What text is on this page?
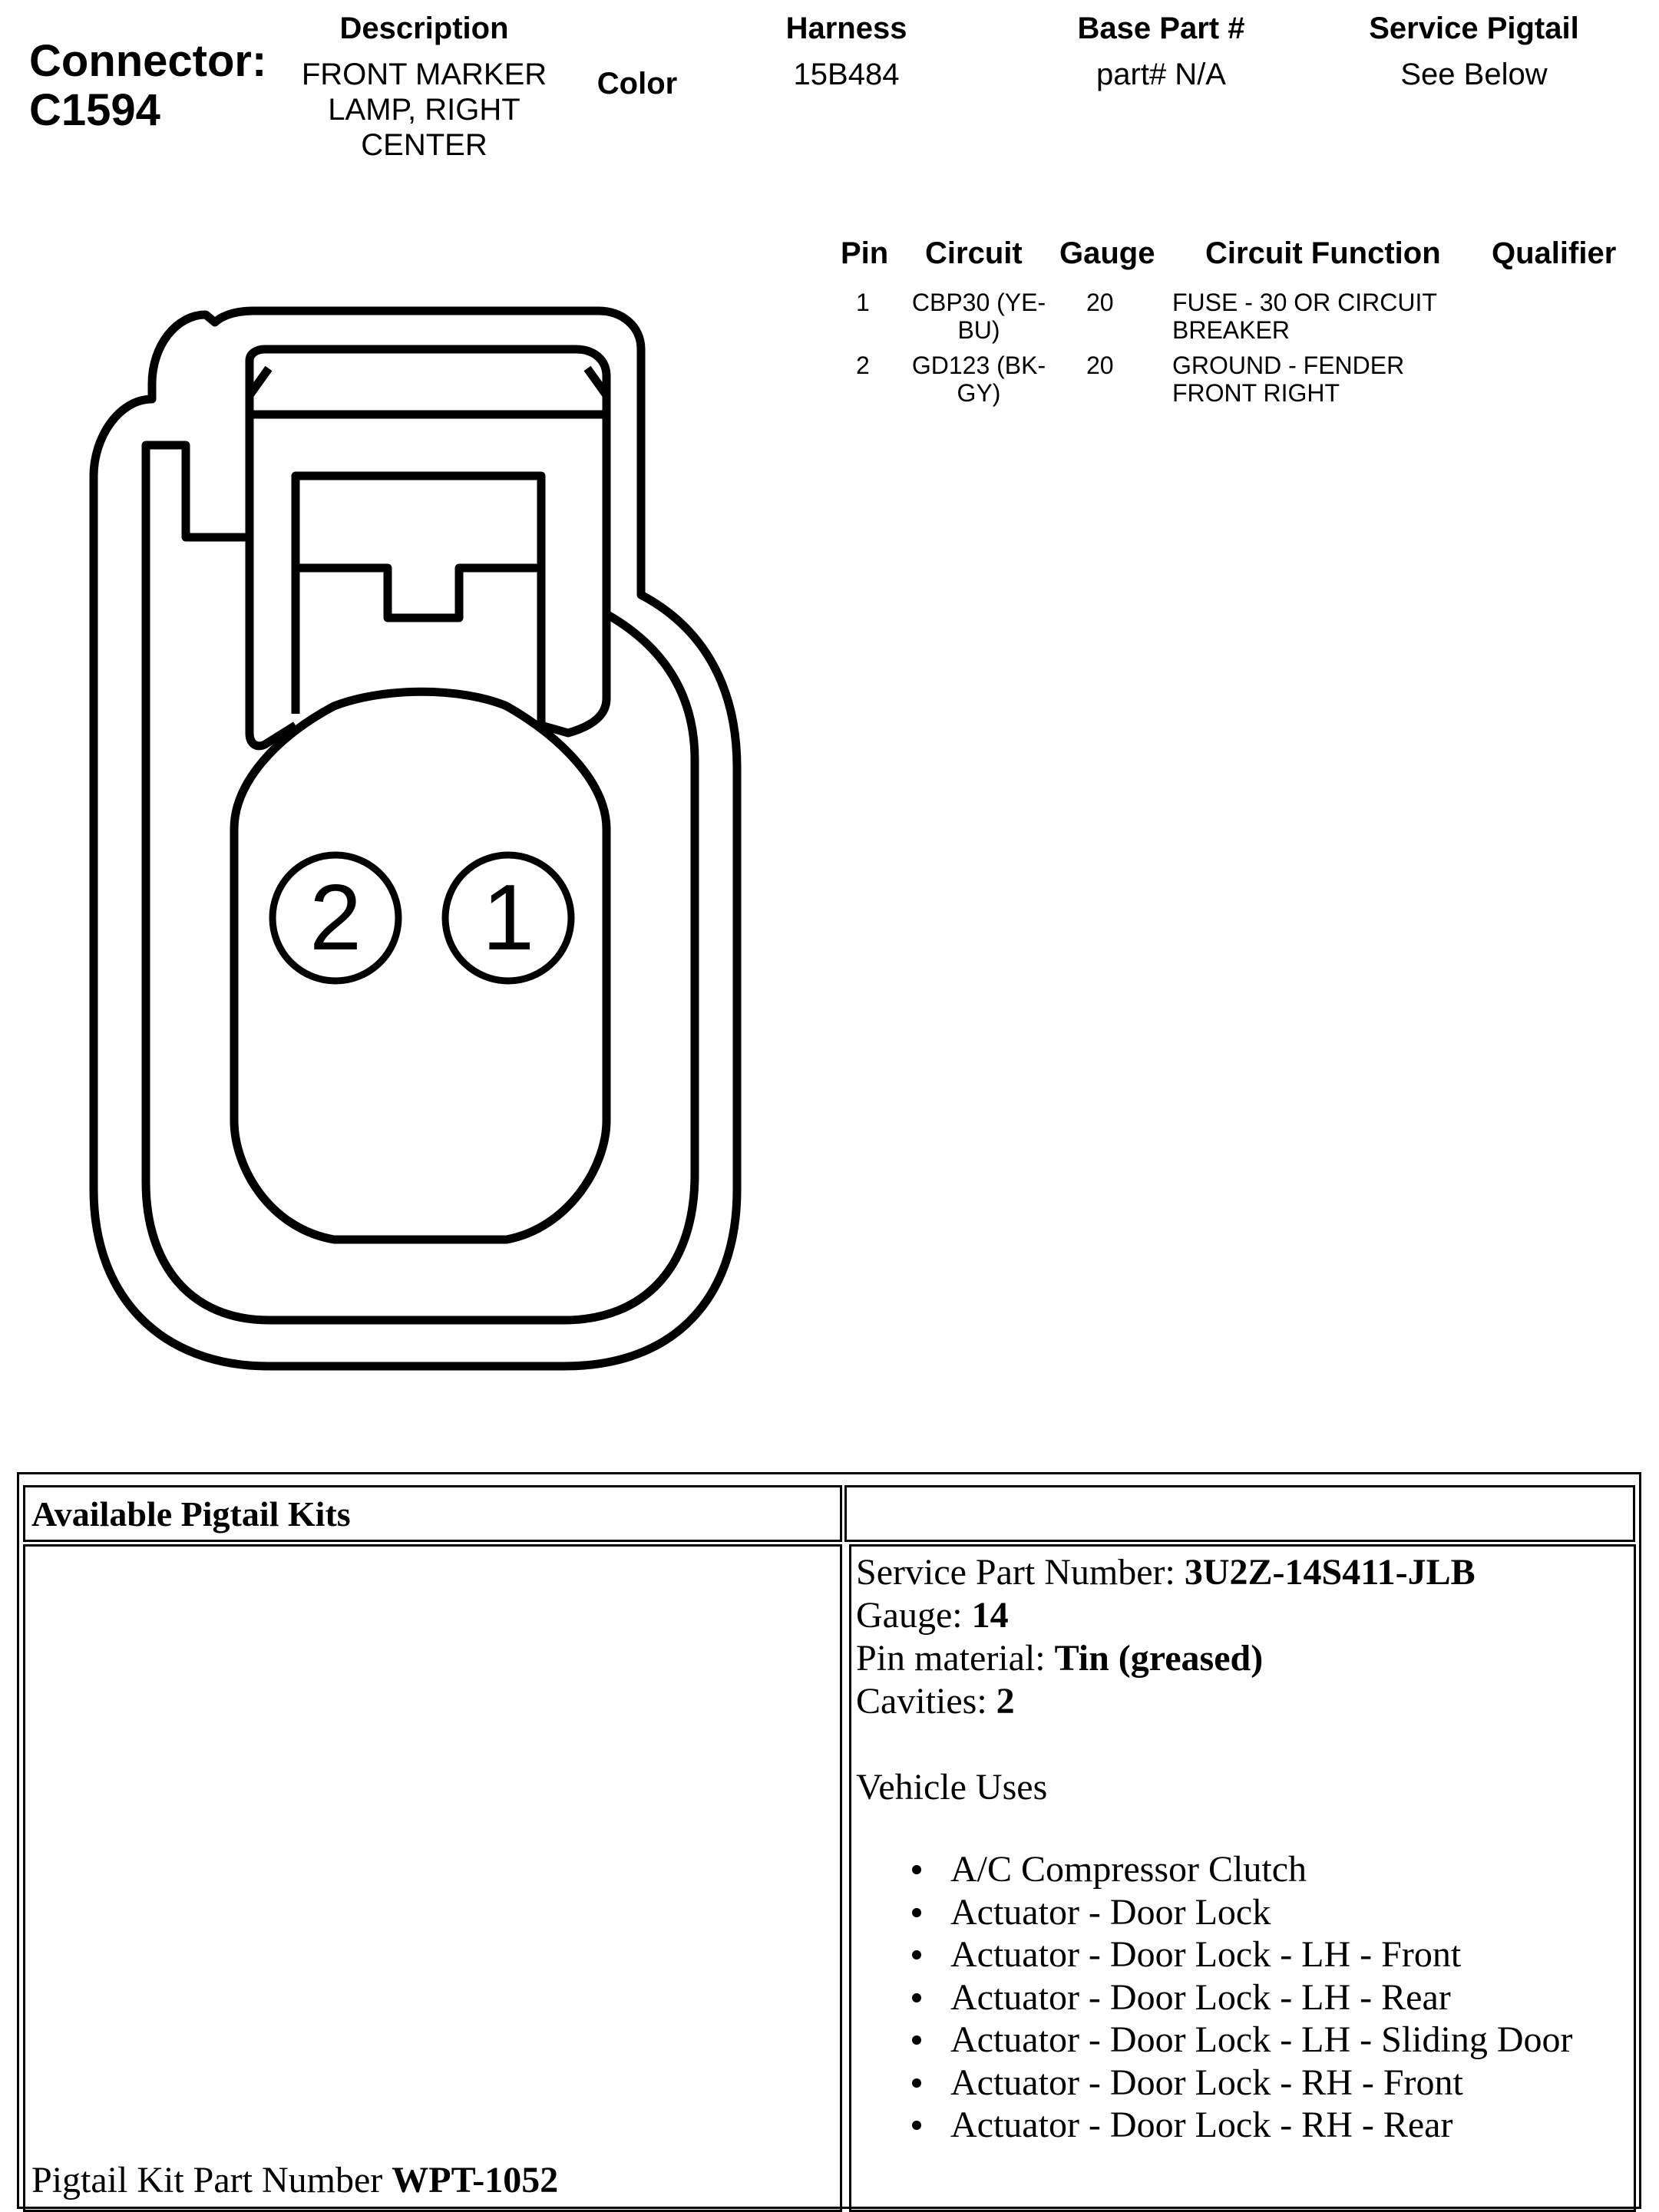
Connector:
C1594
Description
FRONT MARKER
LAMP, RIGHT
CENTER
Color
Harness
15B484
Base Part #
part# N/A
Service Pigtail
See Below
Pin Circuit Gauge Circuit Function Qualifier
1	CBP30 (YE-
BU)
20 FUSE - 30 OR CIRCUIT
BREAKER
2	GD123 (BK-
GY)
20 GROUND - FENDER
FRONT RIGHT
2 1
Available Pigtail Kits
Pigtail Kit Part Number WPT-1052
Service Part Number: 3U2Z-14S411-JLB
Gauge: 14
Pin material: Tin (greased)
Cavities: 2
Vehicle Uses
A/C Compressor Clutch
Actuator - Door Lock
Actuator - Door Lock - LH - Front
Actuator - Door Lock - LH - Rear
Actuator - Door Lock - LH - Sliding Door
Actuator - Door Lock - RH - Front
Actuator - Door Lock - RH - Rear
